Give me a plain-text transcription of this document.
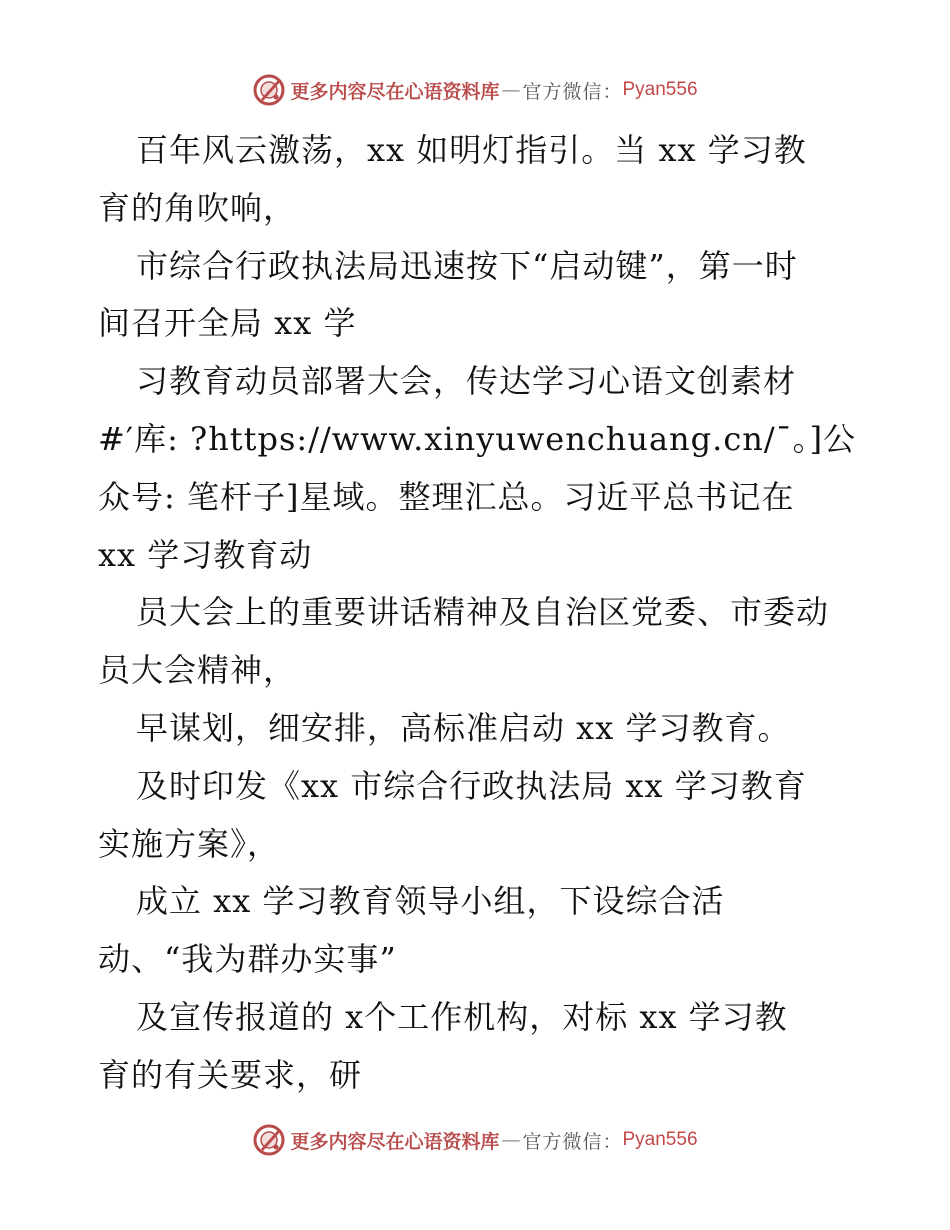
更多内容尽在心语资料库 — 官方微信： Pyan556
百年风云激荡，xx 如明灯指引。当 xx 学习教
育的角吹响，
市综合行政执法局迅速按下“启动键”，第一时
间召开全局 xx 学
习教育动员部署大会，传达学习心语文创素材
#′库: ?https://www.xinyuwenchuang.cn/¯。]公
众号: 笔杆子]星域。整理汇总。习近平总书记在
xx 学习教育动
员大会上的重要讲话精神及自治区党委、市委动
员大会精神，
早谋划，细安排，高标准启动 xx 学习教育。
及时印发《xx 市综合行政执法局 xx 学习教育
实施方案》，
成立 xx 学习教育领导小组，下设综合活
动、“我为群办实事”
及宣传报道的 x个工作机构，对标 xx 学习教
育的有关要求，研
更多内容尽在心语资料库 — 官方微信： Pyan556
